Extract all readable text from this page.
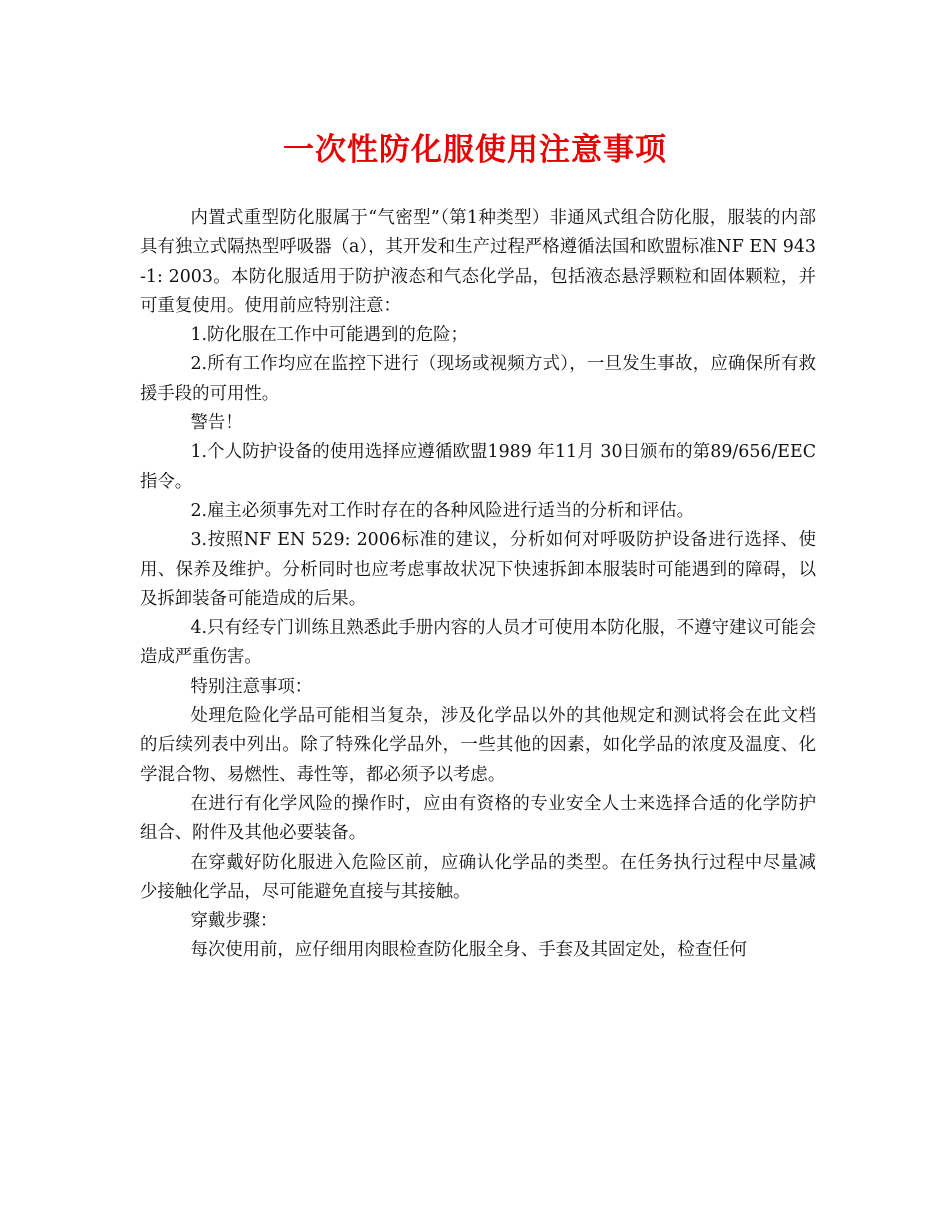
一次性防化服使用注意事项

内置式重型防化服属于“气密型”（第1种类型）非通风式组合防化服，服装的内部具有独立式隔热型呼吸器（a），其开发和生产过程严格遵循法国和欧盟标准NF EN 943-1: 2003。本防化服适用于防护液态和气态化学品，包括液态悬浮颗粒和固体颗粒，并可重复使用。使用前应特别注意：

1.防化服在工作中可能遇到的危险；

2.所有工作均应在监控下进行（现场或视频方式），一旦发生事故，应确保所有救援手段的可用性。

警告！

1.个人防护设备的使用选择应遵循欧盟1989 年11月 30日颁布的第89/656/EEC指令。

2.雇主必须事先对工作时存在的各种风险进行适当的分析和评估。

3.按照NF EN 529: 2006标准的建议，分析如何对呼吸防护设备进行选择、使用、保养及维护。分析同时也应考虑事故状况下快速拆卸本服装时可能遇到的障碍，以及拆卸装备可能造成的后果。

4.只有经专门训练且熟悉此手册内容的人员才可使用本防化服，不遵守建议可能会造成严重伤害。

特别注意事项：

处理危险化学品可能相当复杂，涉及化学品以外的其他规定和测试将会在此文档的后续列表中列出。除了特殊化学品外，一些其他的因素，如化学品的浓度及温度、化学混合物、易燃性、毒性等，都必须予以考虑。

在进行有化学风险的操作时，应由有资格的专业安全人士来选择合适的化学防护组合、附件及其他必要装备。

在穿戴好防化服进入危险区前，应确认化学品的类型。在任务执行过程中尽量减少接触化学品，尽可能避免直接与其接触。

穿戴步骤：

每次使用前，应仔细用肉眼检查防化服全身、手套及其固定处，检查任何
